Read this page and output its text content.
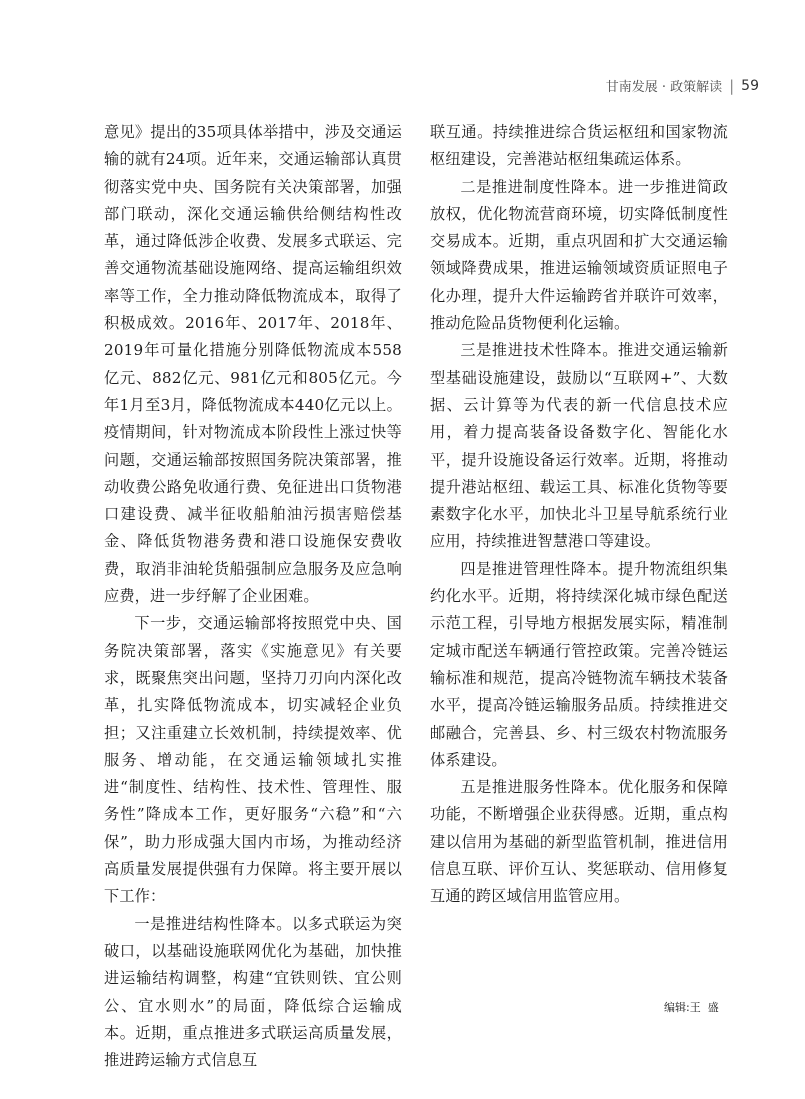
甘南发展 · 政策解读 | 59

意见》提出的35项具体举措中，涉及交通运输的就有24项。近年来，交通运输部认真贯彻落实党中央、国务院有关决策部署，加强部门联动，深化交通运输供给侧结构性改革，通过降低涉企收费、发展多式联运、完善交通物流基础设施网络、提高运输组织效率等工作，全力推动降低物流成本，取得了积极成效。2016年、2017年、2018年、2019年可量化措施分别降低物流成本558亿元、882亿元、981亿元和805亿元。今年1月至3月，降低物流成本440亿元以上。疫情期间，针对物流成本阶段性上涨过快等问题，交通运输部按照国务院决策部署，推动收费公路免收通行费、免征进出口货物港口建设费、减半征收船舶油污损害赔偿基金、降低货物港务费和港口设施保安费收费，取消非油轮货船强制应急服务及应急响应费，进一步纾解了企业困难。

下一步，交通运输部将按照党中央、国务院决策部署，落实《实施意见》有关要求，既聚焦突出问题，坚持刀刃向内深化改革，扎实降低物流成本，切实减轻企业负担；又注重建立长效机制，持续提效率、优服务、增动能，在交通运输领域扎实推进“制度性、结构性、技术性、管理性、服务性”降成本工作，更好服务“六稳”和“六保”，助力形成强大国内市场，为推动经济高质量发展提供强有力保障。将主要开展以下工作：

一是推进结构性降本。以多式联运为突破口，以基础设施联网优化为基础，加快推进运输结构调整，构建“宜铁则铁、宜公则公、宜水则水”的局面，降低综合运输成本。近期，重点推进多式联运高质量发展，推进跨运输方式信息互

联互通。持续推进综合货运枢纽和国家物流枢纽建设，完善港站枢纽集疏运体系。

二是推进制度性降本。进一步推进简政放权，优化物流营商环境，切实降低制度性交易成本。近期，重点巩固和扩大交通运输领域降费成果，推进运输领域资质证照电子化办理，提升大件运输跨省并联许可效率，推动危险品货物便利化运输。

三是推进技术性降本。推进交通运输新型基础设施建设，鼓励以“互联网+”、大数据、云计算等为代表的新一代信息技术应用，着力提高装备设备数字化、智能化水平，提升设施设备运行效率。近期，将推动提升港站枢纽、载运工具、标准化货物等要素数字化水平，加快北斗卫星导航系统行业应用，持续推进智慧港口等建设。

四是推进管理性降本。提升物流组织集约化水平。近期，将持续深化城市绿色配送示范工程，引导地方根据发展实际，精准制定城市配送车辆通行管控政策。完善冷链运输标准和规范，提高冷链物流车辆技术装备水平，提高冷链运输服务品质。持续推进交邮融合，完善县、乡、村三级农村物流服务体系建设。

五是推进服务性降本。优化服务和保障功能，不断增强企业获得感。近期，重点构建以信用为基础的新型监管机制，推进信用信息互联、评价互认、奖惩联动、信用修复互通的跨区域信用监管应用。

编辑:王  盛
